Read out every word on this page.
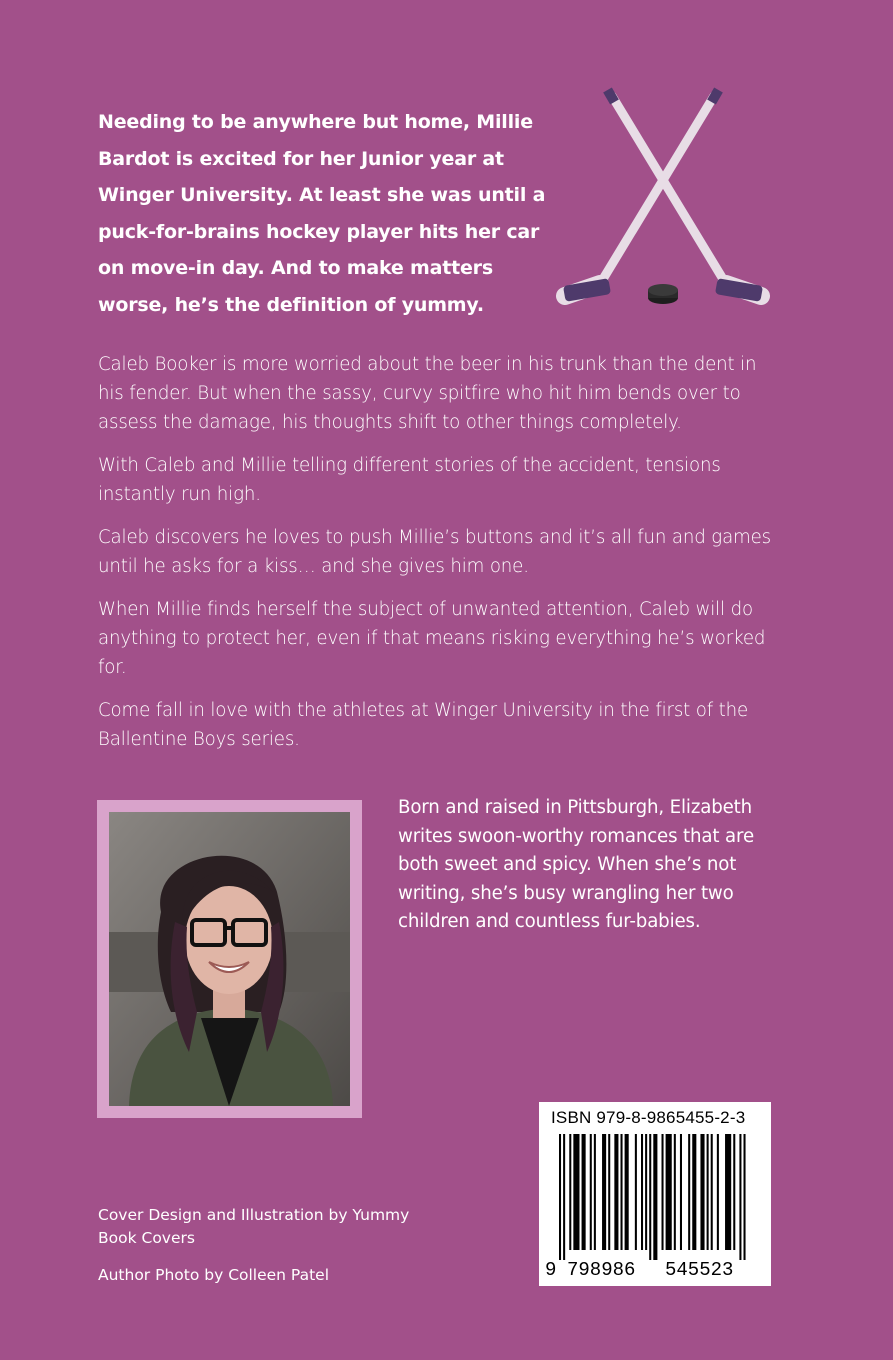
Needing to be anywhere but home, Millie Bardot is excited for her Junior year at Winger University. At least she was until a puck-for-brains hockey player hits her car on move-in day. And to make matters worse, he’s the definition of yummy.

Caleb Booker is more worried about the beer in his trunk than the dent in his fender. But when the sassy, curvy spitfire who hit him bends over to assess the damage, his thoughts shift to other things completely.

With Caleb and Millie telling different stories of the accident, tensions instantly run high.

Caleb discovers he loves to push Millie’s buttons and it’s all fun and games until he asks for a kiss… and she gives him one.

When Millie finds herself the subject of unwanted attention, Caleb will do anything to protect her, even if that means risking everything he’s worked for.

Come fall in love with the athletes at Winger University in the first of the Ballentine Boys series.

Born and raised in Pittsburgh, Elizabeth writes swoon-worthy romances that are both sweet and spicy. When she’s not writing, she’s busy wrangling her two children and countless fur-babies.

ISBN 979-8-9865455-2-3
9 798986 545523

Cover Design and Illustration by Yummy Book Covers

Author Photo by Colleen Patel
